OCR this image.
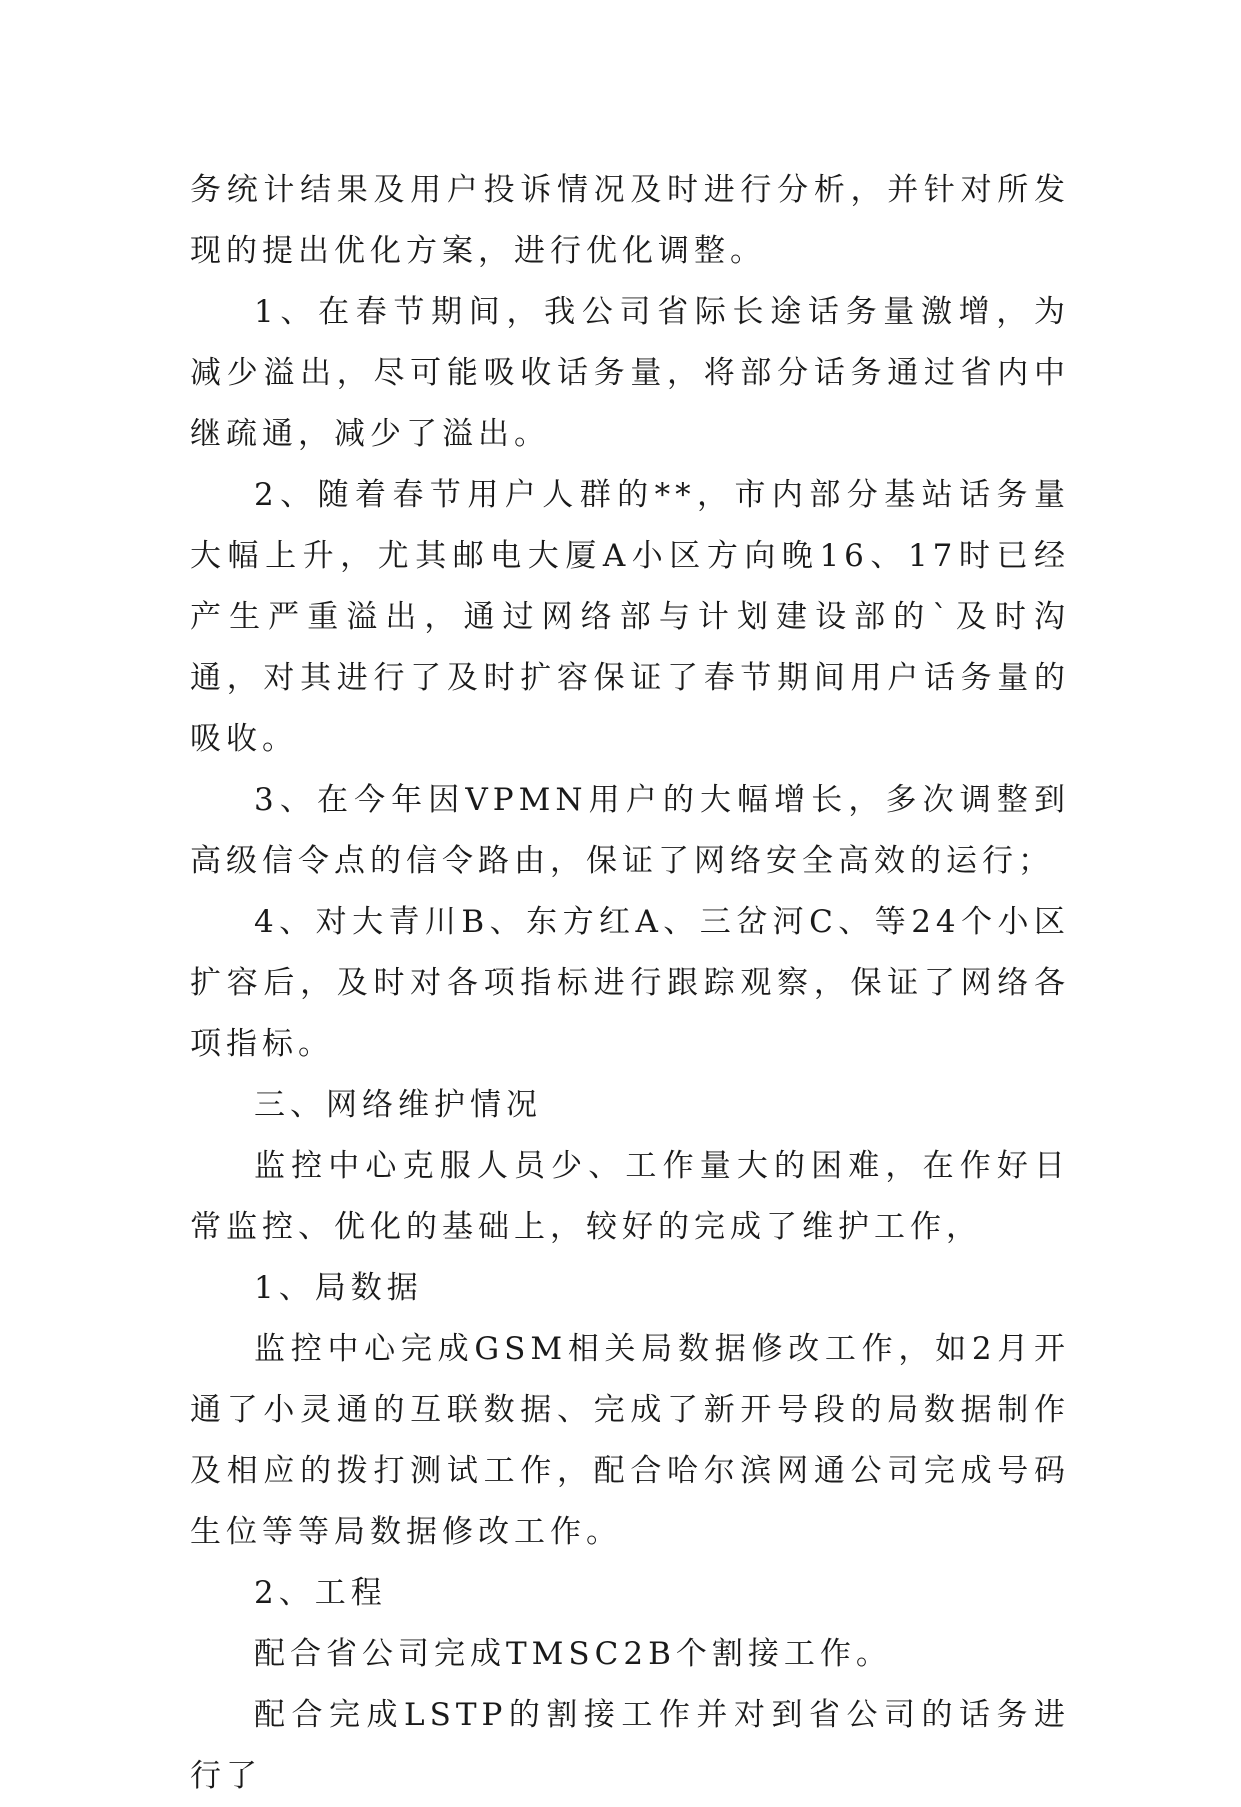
务统计结果及用户投诉情况及时进行分析，并针对所发现的提出优化方案，进行优化调整。

1、在春节期间，我公司省际长途话务量激增，为减少溢出，尽可能吸收话务量，将部分话务通过省内中继疏通，减少了溢出。

2、随着春节用户人群的**，市内部分基站话务量大幅上升，尤其邮电大厦A小区方向晚16、17时已经产生严重溢出，通过网络部与计划建设部的`及时沟通，对其进行了及时扩容保证了春节期间用户话务量的吸收。

3、在今年因VPMN用户的大幅增长，多次调整到高级信令点的信令路由，保证了网络安全高效的运行；

4、对大青川B、东方红A、三岔河C、等24个小区扩容后，及时对各项指标进行跟踪观察，保证了网络各项指标。

三、网络维护情况

监控中心克服人员少、工作量大的困难，在作好日常监控、优化的基础上，较好的完成了维护工作，

1、局数据

监控中心完成GSM相关局数据修改工作，如2月开通了小灵通的互联数据、完成了新开号段的局数据制作及相应的拨打测试工作，配合哈尔滨网通公司完成号码生位等等局数据修改工作。

2、工程

配合省公司完成TMSC2B个割接工作。

配合完成LSTP的割接工作并对到省公司的话务进行了
